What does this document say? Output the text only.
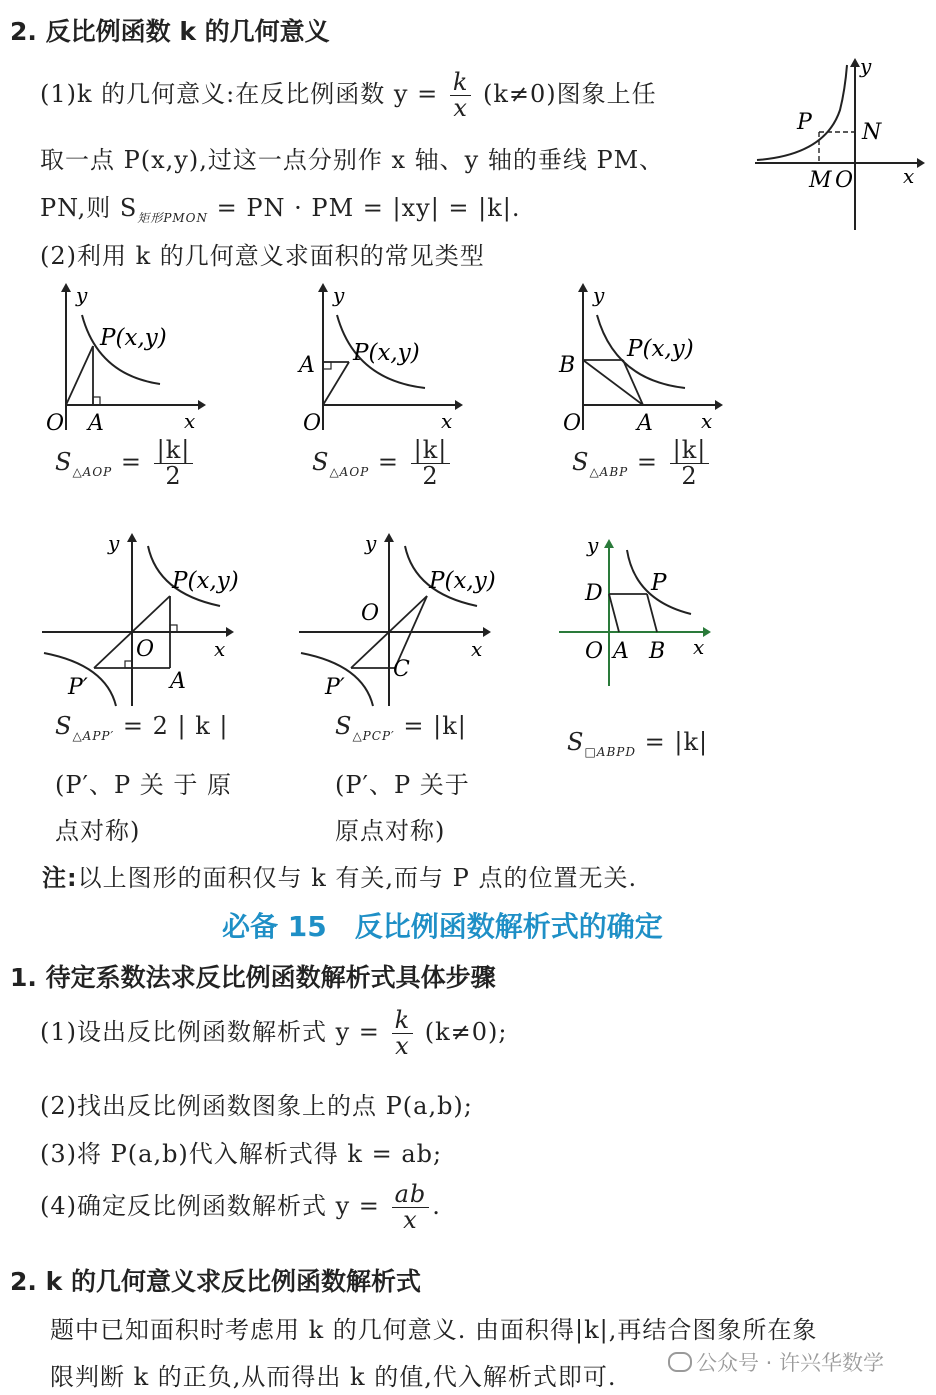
2. 反比例函数 k 的几何意义
(1)k 的几何意义:在反比例函数 $y = \frac{k}{x} (k\ne 0)$图象上任
取一点 P(x,y),过这一点分别作 x 轴、y 轴的垂线 PM、
PN,则 $S_{矩形PMON}$ = PN · PM = |xy| = |k|.
(2)利用 k 的几何意义求面积的常见类型
P N
M O x
y
P(x,y)
O A	x
y
$S_{\triangle AOP} = \frac{|k|}{2}$
P(x,y)
A
O	x
y
$S_{\triangle AOP} = \frac{|k|}{2}$
P(x,y)
B
O	A x
y
$S_{\triangle ABP} = \frac{|k|}{2}$
P(x,y)
O
A
P′
x
y
$S_{\triangle APP'} = 2$ | k |
(P′、P 关 于 原
点对称)
P(x,y)
O
C
P′
x
y
$S_{\triangle PCP'} = |k|$
(P′、P 关于
原点对称)
P
D
O A B x
y
$S_{□ABPD} = |k|$
注:以上图形的面积仅与 k 有关,而与 P 点的位置无关.
必备 15　反比例函数解析式的确定
1. 待定系数法求反比例函数解析式具体步骤
(1)设出反比例函数解析式 $y = \frac{k}{x} (k\ne 0)$;
(2)找出反比例函数图象上的点 P(a,b);
(3)将 P(a,b)代入解析式得 k = ab;
(4)确定反比例函数解析式 $y = \frac{ab}{x}$ .
2. k 的几何意义求反比例函数解析式
题中已知面积时考虑用 k 的几何意义. 由面积得|k|,再结合图象所在象
限判断 k 的正负,从而得出 k 的值,代入解析式即可.	公众号 · 许兴华数学
